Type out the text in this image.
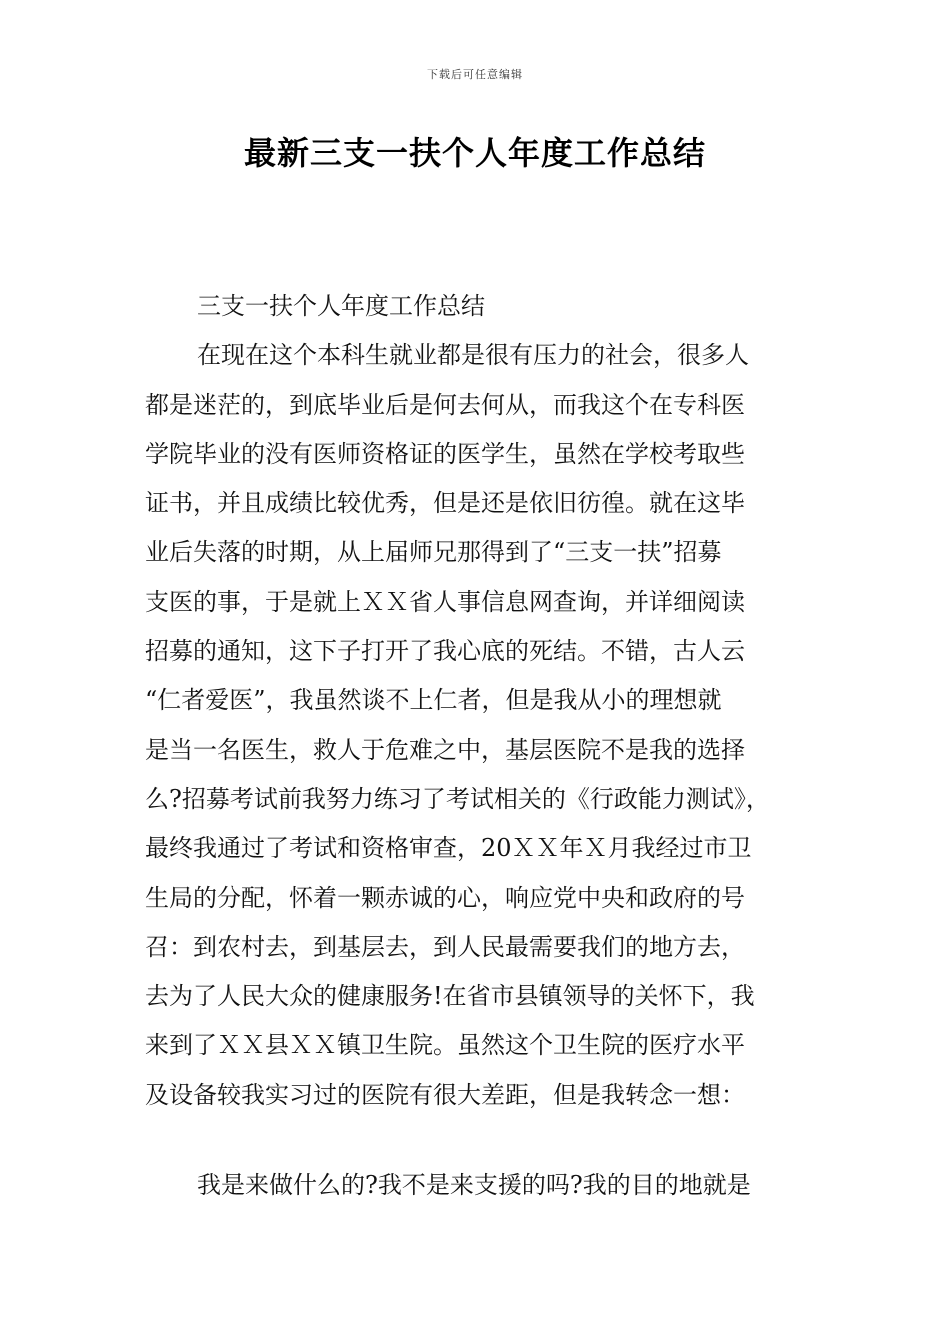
下载后可任意编辑
最新三支一扶个人年度工作总结
三支一扶个人年度工作总结
在现在这个本科生就业都是很有压力的社会，很多人
都是迷茫的，到底毕业后是何去何从，而我这个在专科医
学院毕业的没有医师资格证的医学生，虽然在学校考取些
证书，并且成绩比较优秀，但是还是依旧彷徨。就在这毕
业后失落的时期，从上届师兄那得到了“三支一扶”招募
支医的事，于是就上ＸＸ省人事信息网查询，并详细阅读
招募的通知，这下子打开了我心底的死结。不错，古人云
“仁者爱医”，我虽然谈不上仁者，但是我从小的理想就
是当一名医生，救人于危难之中，基层医院不是我的选择
么?招募考试前我努力练习了考试相关的《行政能力测试》，
最终我通过了考试和资格审查，20ＸＸ年Ｘ月我经过市卫
生局的分配，怀着一颗赤诚的心，响应党中央和政府的号
召：到农村去，到基层去，到人民最需要我们的地方去，
去为了人民大众的健康服务!在省市县镇领导的关怀下，我
来到了ＸＸ县ＸＸ镇卫生院。虽然这个卫生院的医疗水平
及设备较我实习过的医院有很大差距，但是我转念一想：
我是来做什么的?我不是来支援的吗?我的目的地就是
